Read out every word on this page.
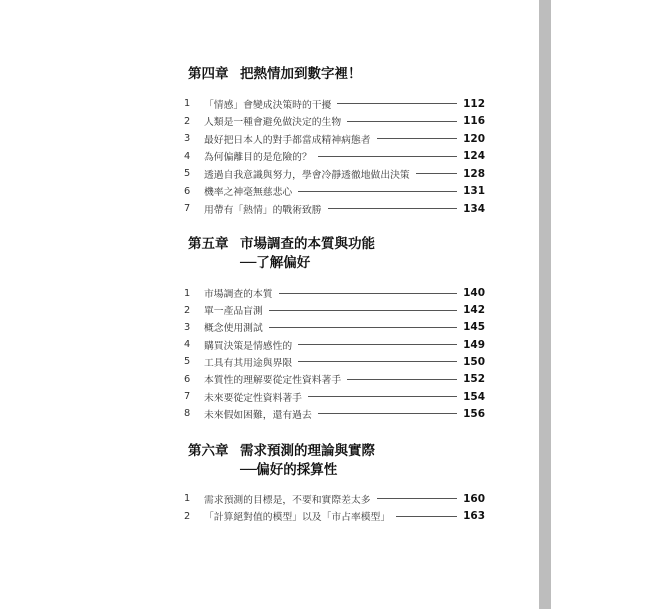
第四章 把熱情加到數字裡！
1	「情感」會變成決策時的干擾	112
2	人類是一種會避免做決定的生物	116
3	最好把日本人的對手都當成精神病態者	120
4	為何偏離目的是危險的？	124
5	透過自我意識與努力，學會冷靜透徹地做出決策	128
6	機率之神毫無慈悲心	131
7	用帶有「熱情」的戰術致勝	134
第五章 市場調查的本質與功能
──了解偏好
1	市場調查的本質	140
2	單一產品盲測	142
3	概念使用測試	145
4	購買決策是情感性的	149
5	工具有其用途與界限	150
6	本質性的理解要從定性資料著手	152
7	未來要從定性資料著手	154
8	未來假如困難，還有過去	156
第六章 需求預測的理論與實際
──偏好的採算性
1	需求預測的目標是，不要和實際差太多	160
2	「計算絕對值的模型」以及「市占率模型」	163
